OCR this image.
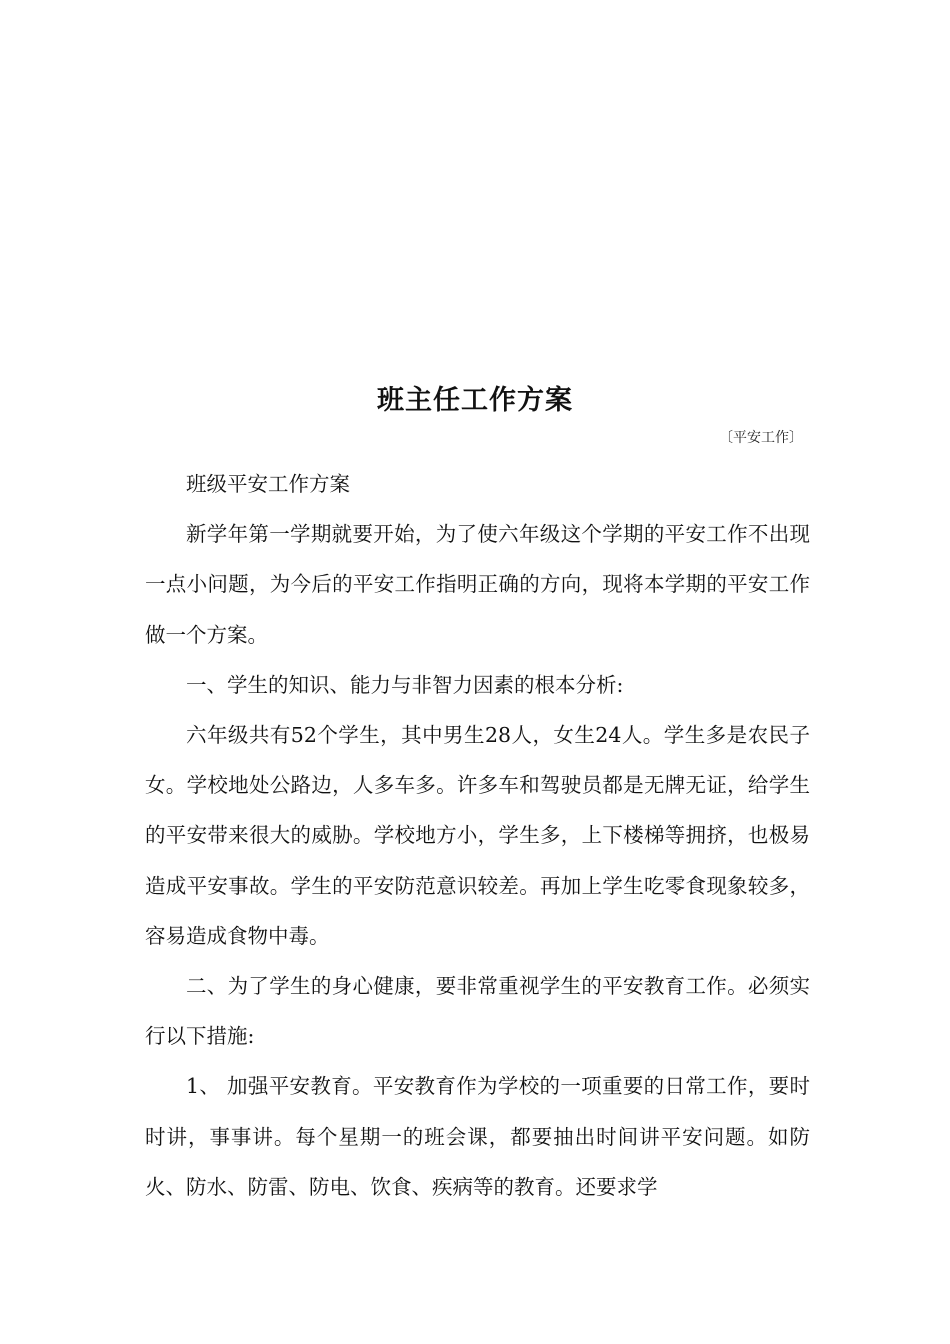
班主任工作方案
〔平安工作〕

班级平安工作方案

新学年第一学期就要开始，为了使六年级这个学期的平安工作不出现一点小问题，为今后的平安工作指明正确的方向，现将本学期的平安工作做一个方案。

一、学生的知识、能力与非智力因素的根本分析:

六年级共有52个学生，其中男生28人，女生24人。学生多是农民子女。学校地处公路边，人多车多。许多车和驾驶员都是无牌无证，给学生的平安带来很大的威胁。学校地方小，学生多，上下楼梯等拥挤，也极易造成平安事故。学生的平安防范意识较差。再加上学生吃零食现象较多，容易造成食物中毒。

二、为了学生的身心健康，要非常重视学生的平安教育工作。必须实行以下措施:

1、 加强平安教育。平安教育作为学校的一项重要的日常工作，要时时讲，事事讲。每个星期一的班会课，都要抽出时间讲平安问题。如防火、防水、防雷、防电、饮食、疾病等的教育。还要求学
